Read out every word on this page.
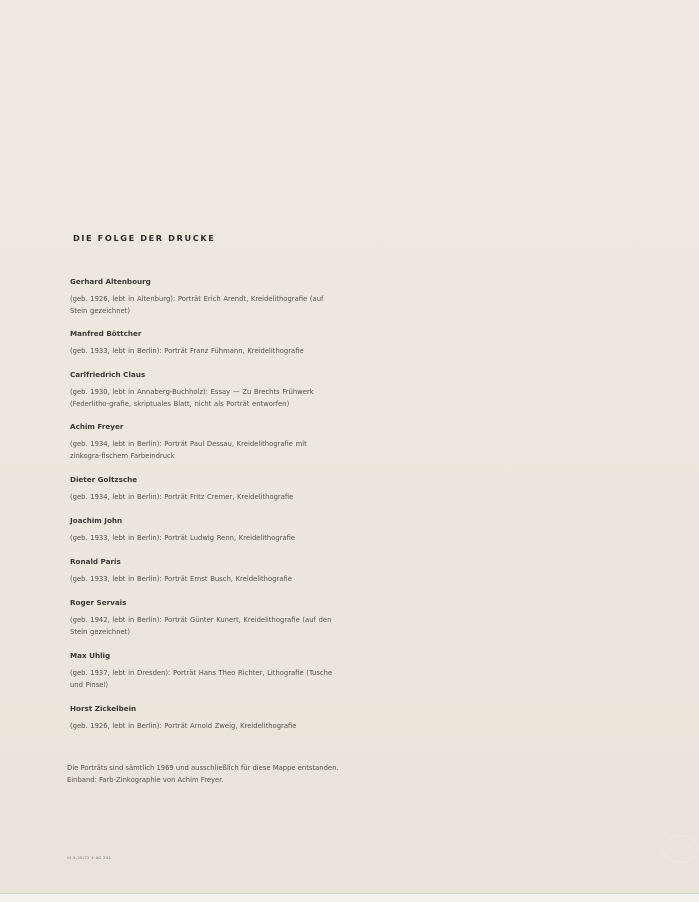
DIE FOLGE DER DRUCKE
Gerhard Altenbourg
(geb. 1926, lebt in Altenburg): Porträt Erich Arendt, Kreidelithografie (auf Stein gezeichnet)
Manfred Böttcher
(geb. 1933, lebt in Berlin): Porträt Franz Fühmann, Kreidelithografie
Carlfriedrich Claus
(geb. 1930, lebt in Annaberg-Buchholz): Essay — Zu Brechts Frühwerk (Federlitho-grafie, skriptuales Blatt, nicht als Porträt entworfen)
Achim Freyer
(geb. 1934, lebt in Berlin): Porträt Paul Dessau, Kreidelithografie mit zinkogra-fischem Farbeindruck
Dieter Goltzsche
(geb. 1934, lebt in Berlin): Porträt Fritz Cremer, Kreidelithografie
Joachim John
(geb. 1933, lebt in Berlin): Porträt Ludwig Renn, Kreidelithografie
Ronald Paris
(geb. 1933, lebt in Berlin): Porträt Ernst Busch, Kreidelithografie
Roger Servais
(geb. 1942, lebt in Berlin): Porträt Günter Kunert, Kreidelithografie (auf den Stein gezeichnet)
Max Uhlig
(geb. 1937, lebt in Dresden): Porträt Hans Theo Richter, Lithografie (Tusche und Pinsel)
Horst Zickelbein
(geb. 1926, lebt in Berlin): Porträt Arnold Zweig, Kreidelithografie
Die Porträts sind sämtlich 1969 und ausschließlich für diese Mappe entstanden.
Einband: Farb-Zinkographie von Achim Freyer.
III-9-20/72 4 AG 242
